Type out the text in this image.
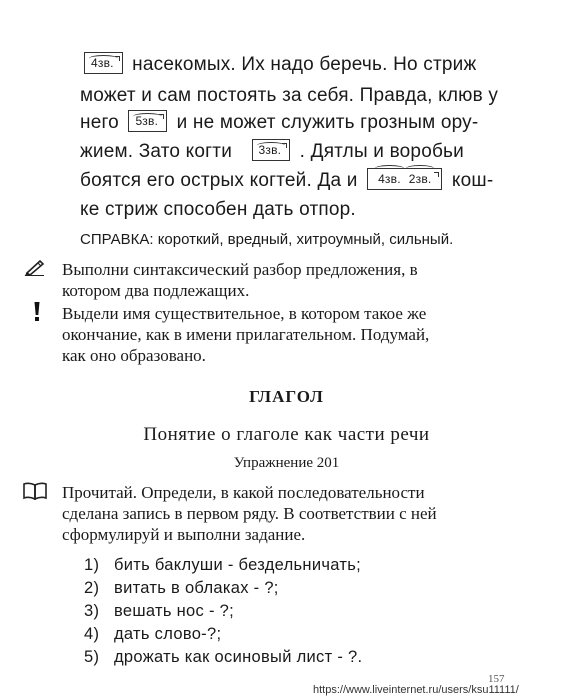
4зв. насекомых. Их надо беречь. Но стриж
может и сам постоять за себя. Правда, клюв у
него 5зв. и не может служить грозным ору-
жием. Зато когти 3зв. . Дятлы и воробьи
боятся его острых когтей. Да и 4зв. 2зв. кош-
ке стриж способен дать отпор.
СПРАВКА: короткий, вредный, хитроумный, сильный.
Выполни синтаксический разбор предложения, в
котором два подлежащих.
Выдели имя существительное, в котором такое же
окончание, как в имени прилагательном. Подумай,
как оно образовано.
ГЛАГОЛ
Понятие о глаголе как части речи
Упражнение 201
Прочитай. Определи, в какой последовательности
сделана запись в первом ряду. В соответствии с ней
сформулируй и выполни задание.
1) бить баклуши - бездельничать;
2) витать в облаках - ?;
3) вешать нос - ?;
4) дать слово-?;
5) дрожать как осиновый лист - ?.
157
https://www.liveinternet.ru/users/ksu11111/
